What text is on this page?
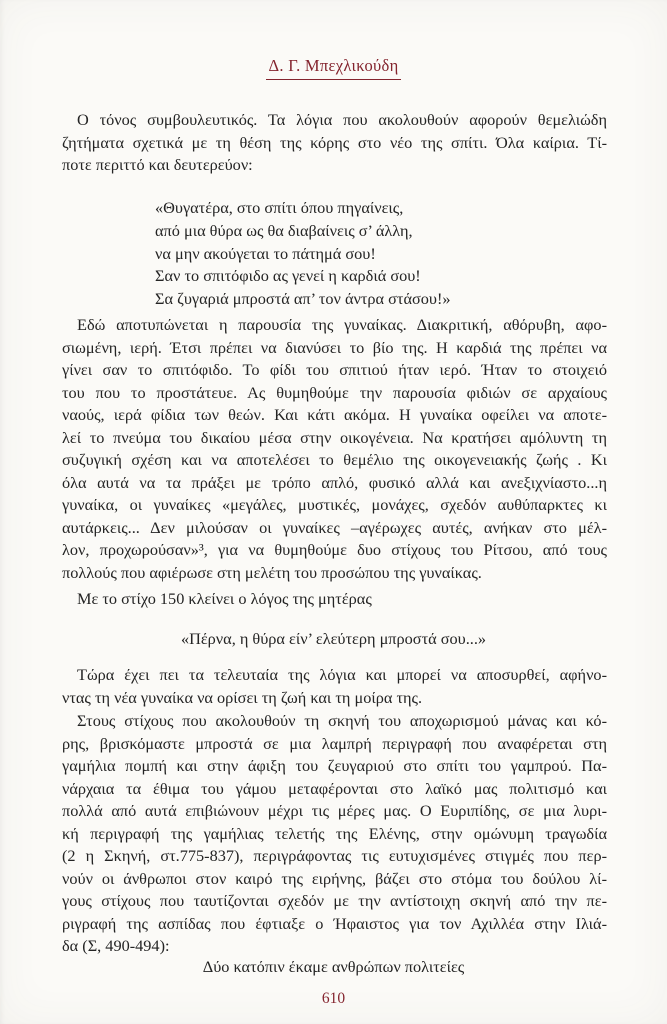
Δ. Γ. Μπεχλικούδη
Ο τόνος συμβουλευτικός. Τα λόγια που ακολουθούν αφορούν θεμελιώδη
ζητήματα σχετικά με τη θέση της κόρης στο νέο της σπίτι. Όλα καίρια. Τί-
ποτε περιττό και δευτερεύον:
«Θυγατέρα, στο σπίτι όπου πηγαίνεις,
από μια θύρα ως θα διαβαίνεις σ’ άλλη,
να μην ακούγεται το πάτημά σου!
Σαν το σπιτόφιδο ας γενεί η καρδιά σου!
Σα ζυγαριά μπροστά απ’ τον άντρα στάσου!»
Εδώ αποτυπώνεται η παρουσία της γυναίκας. Διακριτική, αθόρυβη, αφο-
σιωμένη, ιερή. Έτσι πρέπει να διανύσει το βίο της. Η καρδιά της πρέπει να
γίνει σαν το σπιτόφιδο. Το φίδι του σπιτιού ήταν ιερό. Ήταν το στοιχειό
του που το προστάτευε. Ας θυμηθούμε την παρουσία φιδιών σε αρχαίους
ναούς, ιερά φίδια των θεών. Και κάτι ακόμα. Η γυναίκα οφείλει να αποτε-
λεί το πνεύμα του δικαίου μέσα στην οικογένεια. Να κρατήσει αμόλυντη τη
συζυγική σχέση και να αποτελέσει το θεμέλιο της οικογενειακής ζωής . Κι
όλα αυτά να τα πράξει με τρόπο απλό, φυσικό αλλά και ανεξιχνίαστο...η
γυναίκα, οι γυναίκες «μεγάλες, μυστικές, μονάχες, σχεδόν αυθύπαρκτες κι
αυτάρκεις... Δεν μιλούσαν οι γυναίκες –αγέρωχες αυτές, ανήκαν στο μέλ-
λον, προχωρούσαν»³, για να θυμηθούμε δυο στίχους του Ρίτσου, από τους
πολλούς που αφιέρωσε στη μελέτη του προσώπου της γυναίκας.
Με το στίχο 150 κλείνει ο λόγος της μητέρας
«Πέρνα, η θύρα είν’ ελεύτερη μπροστά σου...»
Τώρα έχει πει τα τελευταία της λόγια και μπορεί να αποσυρθεί, αφήνο-
ντας τη νέα γυναίκα να ορίσει τη ζωή και τη μοίρα της.
Στους στίχους που ακολουθούν τη σκηνή του αποχωρισμού μάνας και κό-
ρης, βρισκόμαστε μπροστά σε μια λαμπρή περιγραφή που αναφέρεται στη
γαμήλια πομπή και στην άφιξη του ζευγαριού στο σπίτι του γαμπρού. Πα-
νάρχαια τα έθιμα του γάμου μεταφέρονται στο λαϊκό μας πολιτισμό και
πολλά από αυτά επιβιώνουν μέχρι τις μέρες μας. Ο Ευριπίδης, σε μια λυρι-
κή περιγραφή της γαμήλιας τελετής της Ελένης, στην ομώνυμη τραγωδία
(2 η Σκηνή, στ.775-837), περιγράφοντας τις ευτυχισμένες στιγμές που περ-
νούν οι άνθρωποι στον καιρό της ειρήνης, βάζει στο στόμα του δούλου λί-
γους στίχους που ταυτίζονται σχεδόν με την αντίστοιχη σκηνή από την πε-
ριγραφή της ασπίδας που έφτιαξε ο Ήφαιστος για τον Αχιλλέα στην Ιλιά-
δα (Σ, 490-494):
Δύο κατόπιν έκαμε ανθρώπων πολιτείες
610
